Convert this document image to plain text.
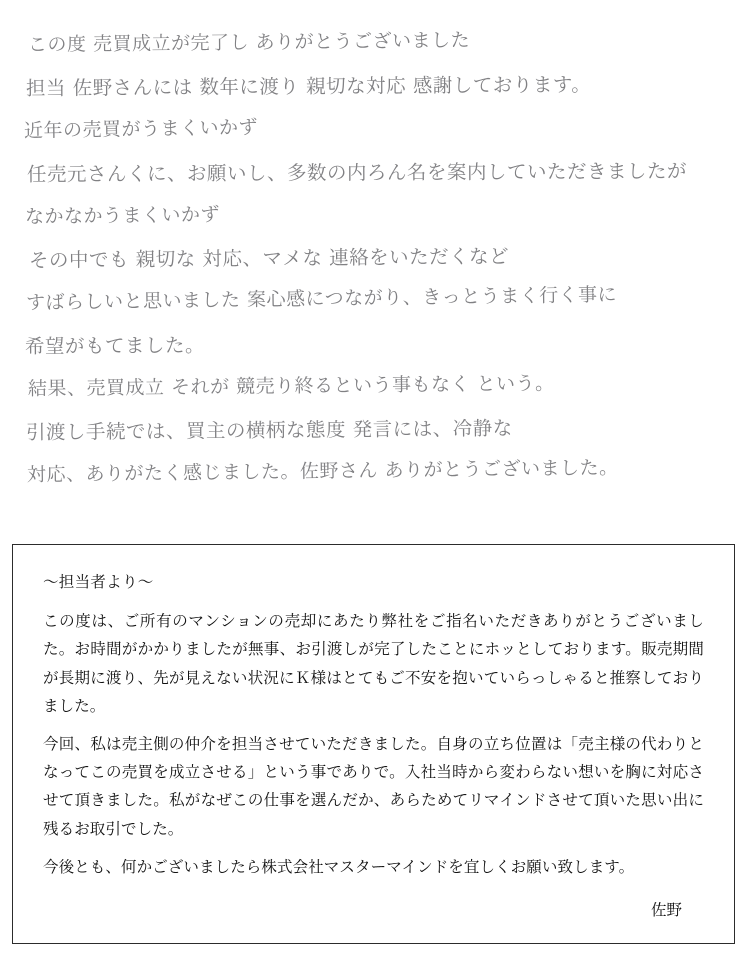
この度 売買成立が完了し ありがとうございました
担当 佐野さんには 数年に渡り 親切な対応 感謝しております。
近年の売買がうまくいかず
任売元さんくに、お願いし、多数の内ろん名を案内していただきましたが
なかなかうまくいかず
その中でも 親切な 対応、マメな 連絡をいただくなど
すばらしいと思いました 案心感につながり、きっとうまく行く事に
希望がもてました。
結果、売買成立 それが 競売り終るという事もなく という。
引渡し手続では、買主の横柄な態度 発言には、冷静な
対応、ありがたく感じました。佐野さん ありがとうございました。

～担当者より～

この度は、ご所有のマンションの売却にあたり弊社をご指名いただきありがとうございました。お時間がかかりましたが無事、お引渡しが完了したことにホッとしております。販売期間が長期に渡り、先が見えない状況にＫ様はとてもご不安を抱いていらっしゃると推察しておりました。

今回、私は売主側の仲介を担当させていただきました。自身の立ち位置は「売主様の代わりとなってこの売買を成立させる」という事でありで。入社当時から変わらない想いを胸に対応させて頂きました。私がなぜこの仕事を選んだか、あらためてリマインドさせて頂いた思い出に残るお取引でした。

今後とも、何かございましたら株式会社マスターマインドを宜しくお願い致します。

佐野
